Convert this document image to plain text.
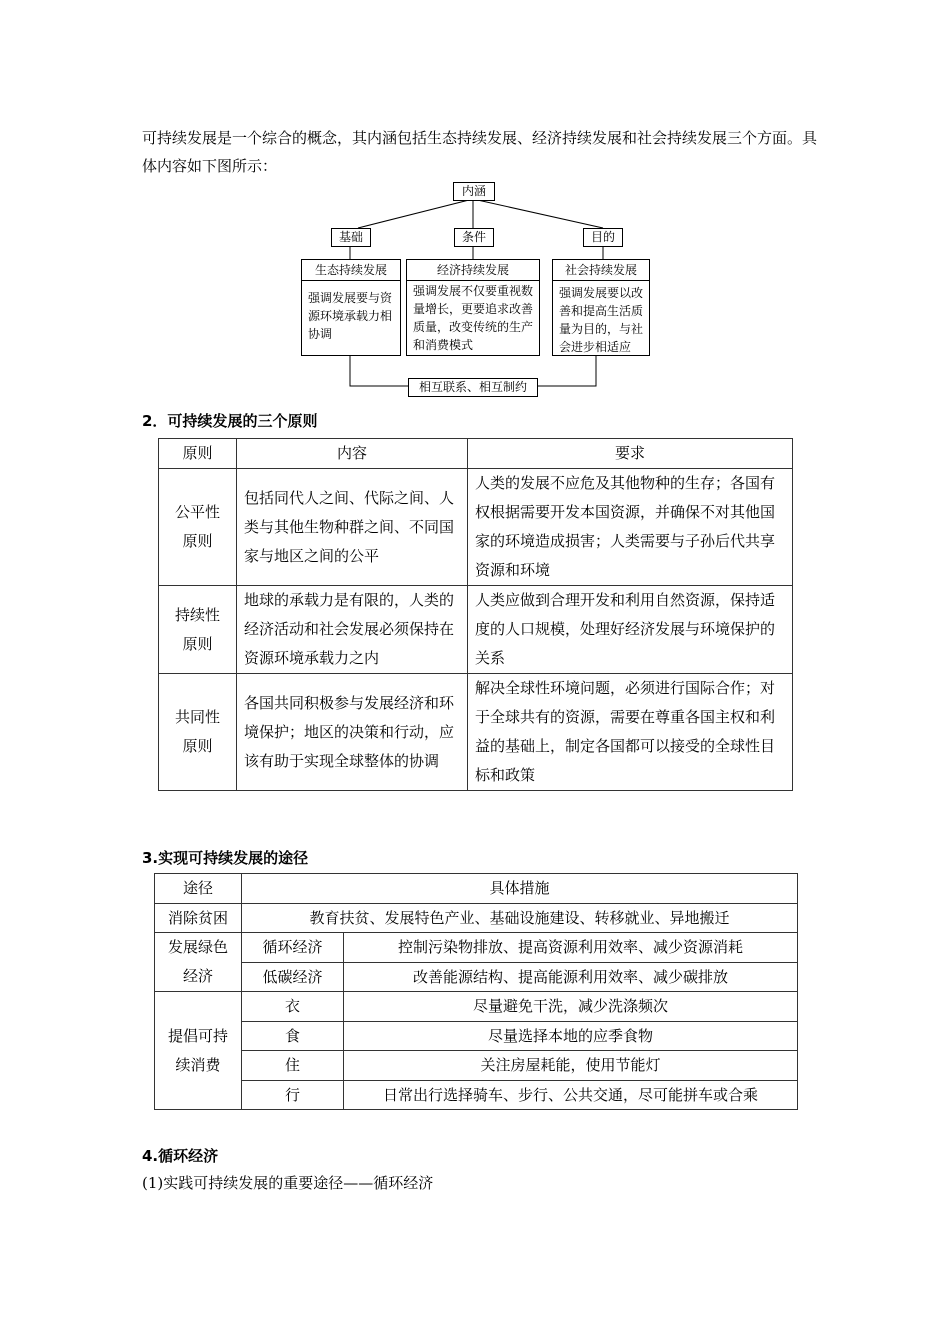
可持续发展是一个综合的概念，其内涵包括生态持续发展、经济持续发展和社会持续发展三个方面。具体内容如下图所示：
内涵
基础	条件	目的
生态持续发展
强调发展要与资源环境承载力相协调
经济持续发展
强调发展不仅要重视数量增长，更要追求改善质量，改变传统的生产和消费模式
社会持续发展
强调发展要以改善和提高生活质量为目的，与社会进步相适应
相互联系、相互制约
2．可持续发展的三个原则
原则	内容	要求
公平性原则	包括同代人之间、代际之间、人类与其他生物种群之间、不同国家与地区之间的公平	人类的发展不应危及其他物种的生存；各国有权根据需要开发本国资源，并确保不对其他国家的环境造成损害；人类需要与子孙后代共享资源和环境
持续性原则	地球的承载力是有限的，人类的经济活动和社会发展必须保持在资源环境承载力之内	人类应做到合理开发和利用自然资源，保持适度的人口规模，处理好经济发展与环境保护的关系
共同性原则	各国共同积极参与发展经济和环境保护；地区的决策和行动，应该有助于实现全球整体的协调	解决全球性环境问题，必须进行国际合作；对于全球共有的资源，需要在尊重各国主权和利益的基础上，制定各国都可以接受的全球性目标和政策
3.实现可持续发展的途径
途径	具体措施	
消除贫困	教育扶贫、发展特色产业、基础设施建设、转移就业、异地搬迁	
发展绿色经济	循环经济	控制污染物排放、提高资源利用效率、减少资源消耗
	低碳经济	改善能源结构、提高能源利用效率、减少碳排放
提倡可持续消费	衣	尽量避免干洗，减少洗涤频次
	食	尽量选择本地的应季食物
	住	关注房屋耗能，使用节能灯
	行	日常出行选择骑车、步行、公共交通，尽可能拼车或合乘
4.循环经济
(1)实践可持续发展的重要途径——循环经济
